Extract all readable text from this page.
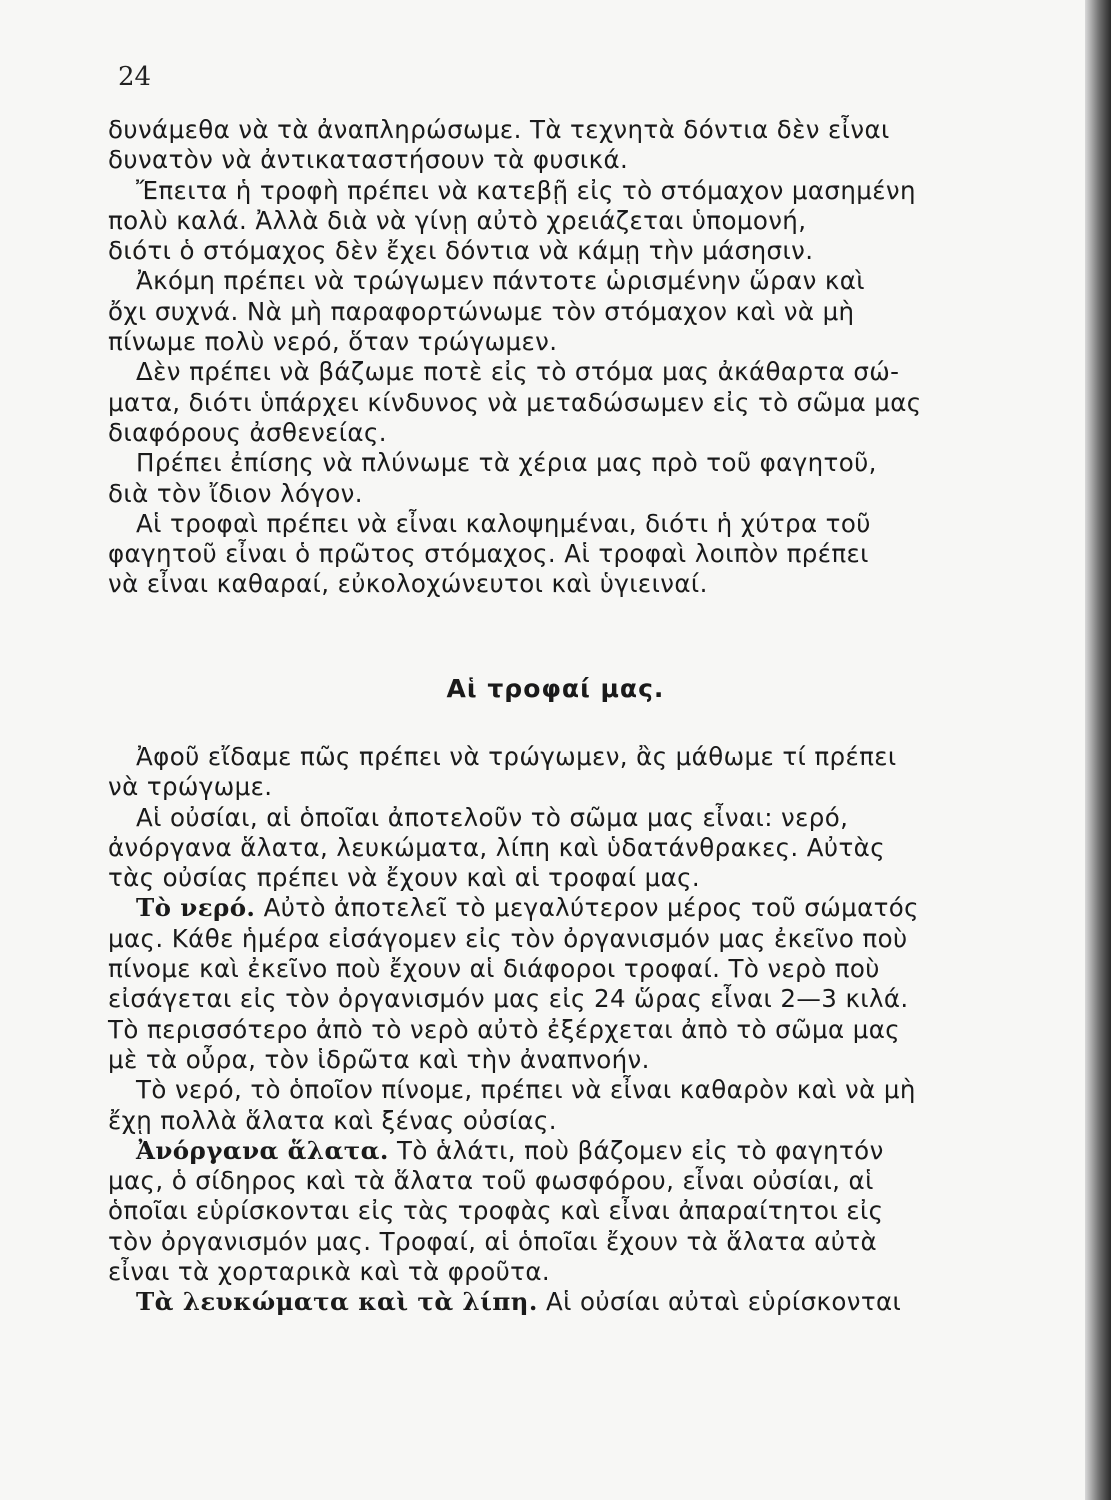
24
δυνάμεθα νὰ τὰ ἀναπληρώσωμε. Τὰ τεχνητὰ δόντια δὲν εἶναι
δυνατὸν νὰ ἀντικαταστήσουν τὰ φυσικά.
Ἔπειτα ἡ τροφὴ πρέπει νὰ κατεβῇ εἰς τὸ στόμαχον μασημένη
πολὺ καλά. Ἀλλὰ διὰ νὰ γίνῃ αὐτὸ χρειάζεται ὑπομονή,
διότι ὁ στόμαχος δὲν ἔχει δόντια νὰ κάμῃ τὴν μάσησιν.
Ἀκόμη πρέπει νὰ τρώγωμεν πάντοτε ὡρισμένην ὥραν καὶ
ὄχι συχνά. Νὰ μὴ παραφορτώνωμε τὸν στόμαχον καὶ νὰ μὴ
πίνωμε πολὺ νερό, ὅταν τρώγωμεν.
Δὲν πρέπει νὰ βάζωμε ποτὲ εἰς τὸ στόμα μας ἀκάθαρτα σώ-
ματα, διότι ὑπάρχει κίνδυνος νὰ μεταδώσωμεν εἰς τὸ σῶμα μας
διαφόρους ἀσθενείας.
Πρέπει ἐπίσης νὰ πλύνωμε τὰ χέρια μας πρὸ τοῦ φαγητοῦ,
διὰ τὸν ἴδιον λόγον.
Αἱ τροφαὶ πρέπει νὰ εἶναι καλοψημέναι, διότι ἡ χύτρα τοῦ
φαγητοῦ εἶναι ὁ πρῶτος στόμαχος. Αἱ τροφαὶ λοιπὸν πρέπει
νὰ εἶναι καθαραί, εὐκολοχώνευτοι καὶ ὑγιειναί.
Αἱ τροφαί μας.
Ἀφοῦ εἴδαμε πῶς πρέπει νὰ τρώγωμεν, ἂς μάθωμε τί πρέπει
νὰ τρώγωμε.
Αἱ οὐσίαι, αἱ ὁποῖαι ἀποτελοῦν τὸ σῶμα μας εἶναι: νερό,
ἀνόργανα ἅλατα, λευκώματα, λίπη καὶ ὑδατάνθρακες. Αὐτὰς
τὰς οὐσίας πρέπει νὰ ἔχουν καὶ αἱ τροφαί μας.
Τὸ νερό. Αὐτὸ ἀποτελεῖ τὸ μεγαλύτερον μέρος τοῦ σώματός
μας. Κάθε ἡμέρα εἰσάγομεν εἰς τὸν ὀργανισμόν μας ἐκεῖνο ποὺ
πίνομε καὶ ἐκεῖνο ποὺ ἔχουν αἱ διάφοροι τροφαί. Τὸ νερὸ ποὺ
εἰσάγεται εἰς τὸν ὀργανισμόν μας εἰς 24 ὥρας εἶναι 2—3 κιλά.
Τὸ περισσότερο ἀπὸ τὸ νερὸ αὐτὸ ἐξέρχεται ἀπὸ τὸ σῶμα μας
μὲ τὰ οὖρα, τὸν ἱδρῶτα καὶ τὴν ἀναπνοήν.
Τὸ νερό, τὸ ὁποῖον πίνομε, πρέπει νὰ εἶναι καθαρὸν καὶ νὰ μὴ
ἔχῃ πολλὰ ἅλατα καὶ ξένας οὐσίας.
Ἀνόργανα ἅλατα. Τὸ ἁλάτι, ποὺ βάζομεν εἰς τὸ φαγητόν
μας, ὁ σίδηρος καὶ τὰ ἅλατα τοῦ φωσφόρου, εἶναι οὐσίαι, αἱ
ὁποῖαι εὑρίσκονται εἰς τὰς τροφὰς καὶ εἶναι ἀπαραίτητοι εἰς
τὸν ὀργανισμόν μας. Τροφαί, αἱ ὁποῖαι ἔχουν τὰ ἅλατα αὐτὰ
εἶναι τὰ χορταρικὰ καὶ τὰ φροῦτα.
Τὰ λευκώματα καὶ τὰ λίπη. Αἱ οὐσίαι αὐταὶ εὑρίσκονται
